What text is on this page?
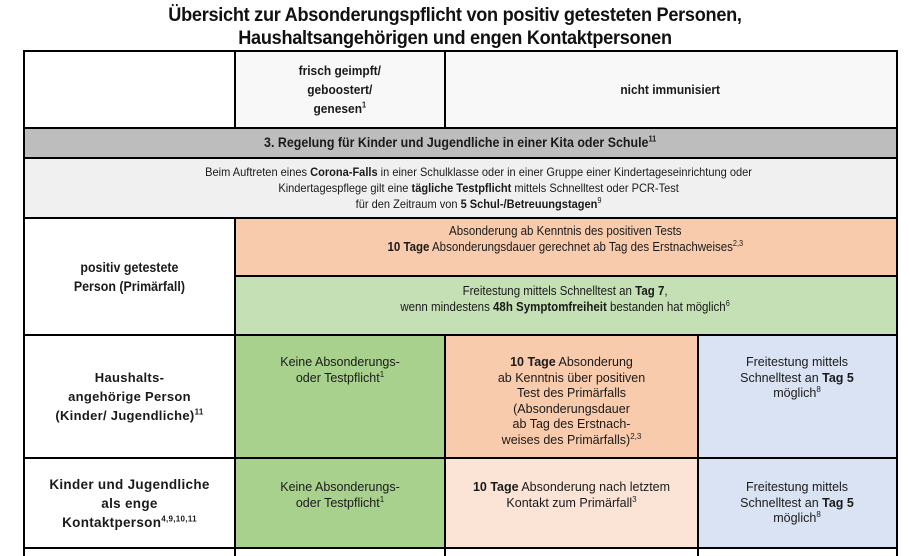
Übersicht zur Absonderungspflicht von positiv getesteten Personen,
Haushaltsangehörigen und engen Kontaktpersonen
frisch geimpft/
geboostert/
genesen$^1$
nicht immunisiert
3. Regelung für Kinder und Jugendliche in einer Kita oder Schule$^{11}$
Beim Auftreten eines Corona-Falls in einer Schulklasse oder in einer Gruppe einer Kindertageseinrichtung oder
Kindertagespflege gilt eine tägliche Testpflicht mittels Schnelltest oder PCR-Test
für den Zeitraum von 5 Schul-/Betreuungstagen$^9$
positiv getestete
Person (Primärfall)
Absonderung ab Kenntnis des positiven Tests
10 Tage Absonderungsdauer gerechnet ab Tag des Erstnachweises$^{2,3}$
Freitestung mittels Schnelltest an Tag 7,
wenn mindestens 48h Symptomfreiheit bestanden hat möglich$^6$
Haushalts-
angehörige Person
(Kinder/ Jugendliche)$^{11}$
Keine Absonderungs-
oder Testpflicht$^1$
10 Tage Absonderung
ab Kenntnis über positiven
Test des Primärfalls
(Absonderungsdauer
ab Tag des Erstnach-
weises des Primärfalls)$^{2,3}$
Freitestung mittels
Schnelltest an Tag 5
möglich$^8$
Kinder und Jugendliche
als enge
Kontaktperson$^{4,9,10,11}$
Keine Absonderungs-
oder Testpflicht$^1$
10 Tage Absonderung nach letztem
Kontakt zum Primärfall$^3$
Freitestung mittels
Schnelltest an Tag 5
möglich$^8$
